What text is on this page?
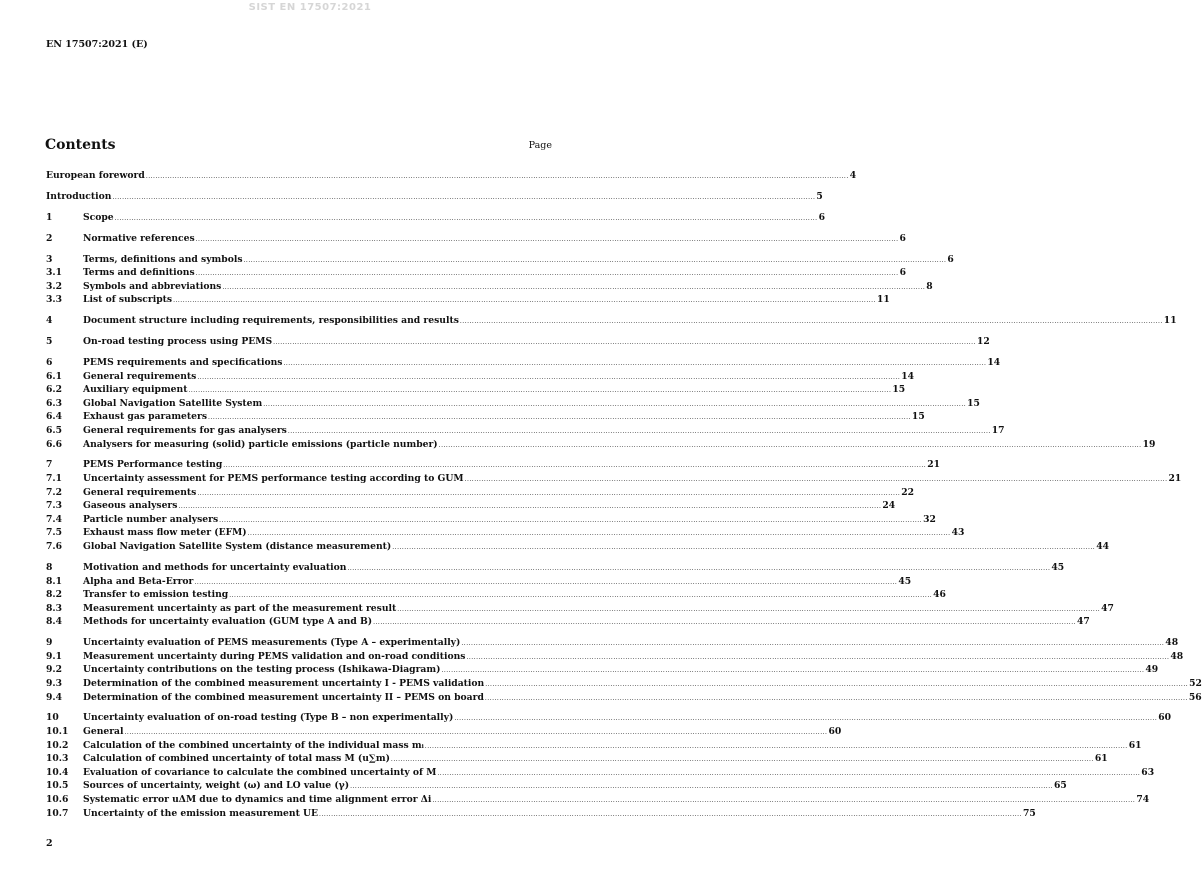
SIST EN 17507:2021
EN 17507:2021 (E)
Contents	Page
European foreword .....	4
Introduction .....	5
1	Scope .....	6
2	Normative references .....	6
3	Terms, definitions and symbols .....	6
3.1	Terms and definitions .....	6
3.2	Symbols and abbreviations .....	8
3.3	List of subscripts .....	11
4	Document structure including requirements, responsibilities and results .....	11
5	On-road testing process using PEMS .....	12
6	PEMS requirements and specifications .....	14
6.1	General requirements .....	14
6.2	Auxiliary equipment .....	15
6.3	Global Navigation Satellite System .....	15
6.4	Exhaust gas parameters .....	15
6.5	General requirements for gas analysers .....	17
6.6	Analysers for measuring (solid) particle emissions (particle number) .....	19
7	PEMS Performance testing .....	21
7.1	Uncertainty assessment for PEMS performance testing according to GUM .....	21
7.2	General requirements .....	22
7.3	Gaseous analysers .....	24
7.4	Particle number analysers .....	32
7.5	Exhaust mass flow meter (EFM) .....	43
7.6	Global Navigation Satellite System (distance measurement) .....	44
8	Motivation and methods for uncertainty evaluation .....	45
8.1	Alpha and Beta-Error .....	45
8.2	Transfer to emission testing .....	46
8.3	Measurement uncertainty as part of the measurement result .....	47
8.4	Methods for uncertainty evaluation (GUM type A and B) .....	47
9	Uncertainty evaluation of PEMS measurements (Type A – experimentally) .....	48
9.1	Measurement uncertainty during PEMS validation and on-road conditions .....	48
9.2	Uncertainty contributions on the testing process (Ishikawa-Diagram) .....	49
9.3	Determination of the combined measurement uncertainty I - PEMS validation .....	52
9.4	Determination of the combined measurement uncertainty II – PEMS on board .....	56
10	Uncertainty evaluation of on-road testing (Type B – non experimentally) .....	60
10.1	General .....	60
10.2	Calculation of the combined uncertainty of the individual mass mᵢ .....	61
10.3	Calculation of combined uncertainty of total mass M (u∑m) .....	61
10.4	Evaluation of covariance to calculate the combined uncertainty of M .....	63
10.5	Sources of uncertainty, weight (ω) and LO value (γ) .....	65
10.6	Systematic error uΔM due to dynamics and time alignment error Δi .....	74
10.7	Uncertainty of the emission measurement UE .....	75
2
